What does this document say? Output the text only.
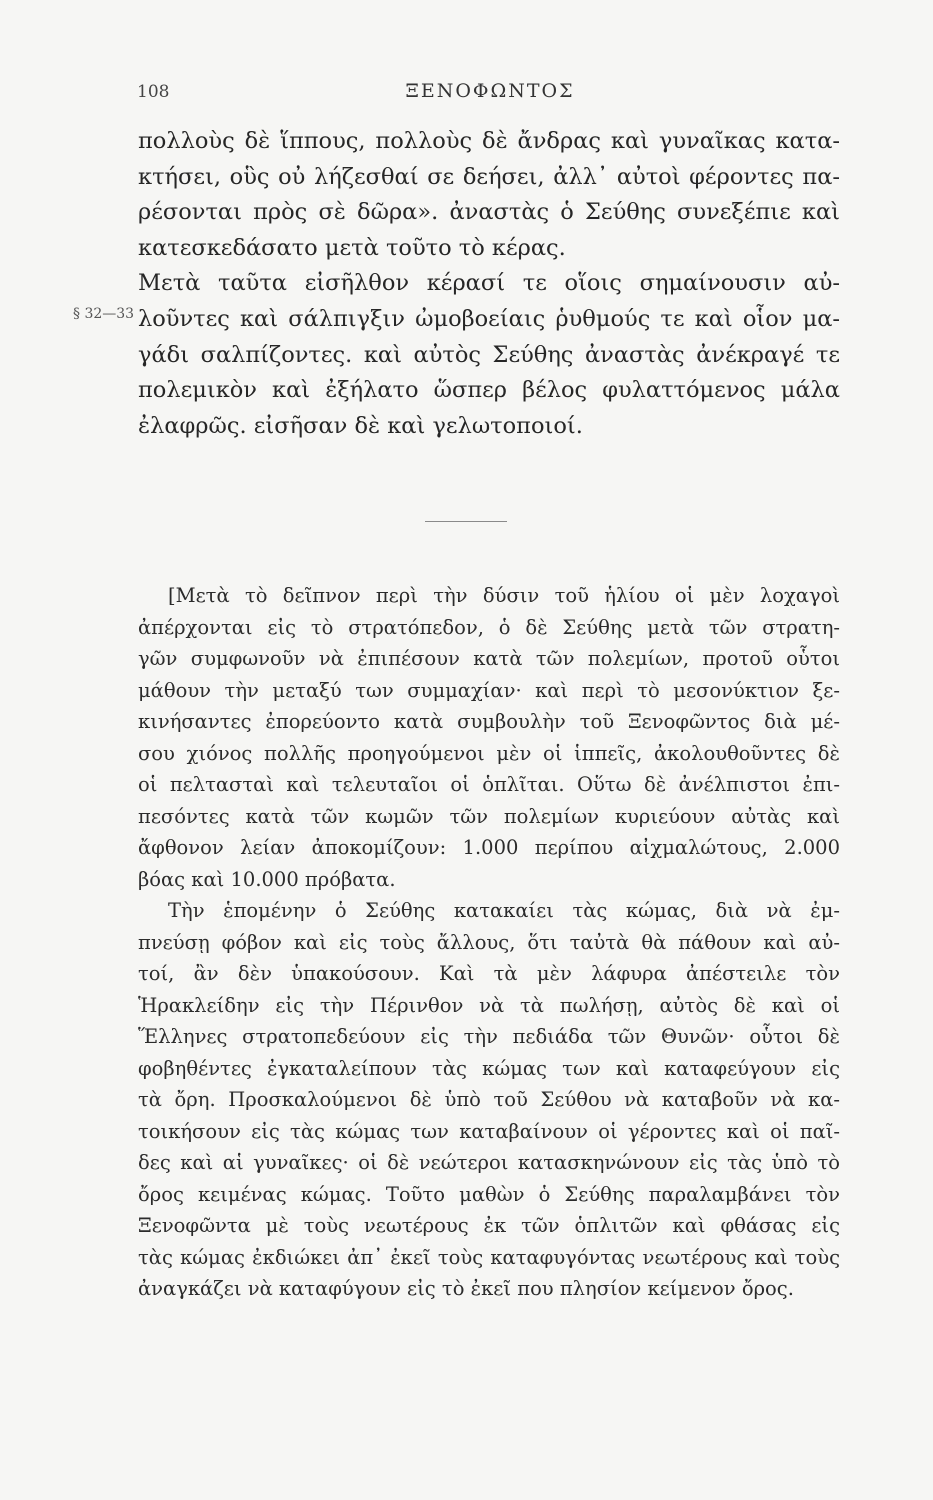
108	ΞΕΝΟΦΩΝΤΟΣ
§ 32—33
πολλοὺς δὲ ἵππους, πολλοὺς δὲ ἄνδρας καὶ γυναῖκας κατα-
κτήσει, οὓς οὐ λήζεσθαί σε δεήσει, ἀλλ᾽ αὐτοὶ φέροντες πα-
ρέσονται πρὸς σὲ δῶρα». ἀναστὰς ὁ Σεύθης συνεξέπιε καὶ
κατεσκεδάσατο μετὰ τοῦτο τὸ κέρας.
Μετὰ ταῦτα εἰσῆλθον κέρασί τε οἵοις σημαίνουσιν αὐ-
λοῦντες καὶ σάλπιγξιν ὠμοβοείαις ῥυθμούς τε καὶ οἷον μα-
γάδι σαλπίζοντες. καὶ αὐτὸς Σεύθης ἀναστὰς ἀνέκραγέ τε
πολεμικὸν καὶ ἐξήλατο ὥσπερ βέλος φυλαττόμενος μάλα
ἐλαφρῶς. εἰσῆσαν δὲ καὶ γελωτοποιοί.
[Μετὰ τὸ δεῖπνον περὶ τὴν δύσιν τοῦ ἡλίου οἱ μὲν λοχαγοὶ
ἀπέρχονται εἰς τὸ στρατόπεδον, ὁ δὲ Σεύθης μετὰ τῶν στρατη-
γῶν συμφωνοῦν νὰ ἐπιπέσουν κατὰ τῶν πολεμίων, προτοῦ οὗτοι
μάθουν τὴν μεταξύ των συμμαχίαν· καὶ περὶ τὸ μεσονύκτιον ξε-
κινήσαντες ἐπορεύοντο κατὰ συμβουλὴν τοῦ Ξενοφῶντος διὰ μέ-
σου χιόνος πολλῆς προηγούμενοι μὲν οἱ ἱππεῖς, ἀκολουθοῦντες δὲ
οἱ πελτασταὶ καὶ τελευταῖοι οἱ ὁπλῖται. Οὕτω δὲ ἀνέλπιστοι ἐπι-
πεσόντες κατὰ τῶν κωμῶν τῶν πολεμίων κυριεύουν αὐτὰς καὶ
ἄφθονον λείαν ἀποκομίζουν: 1.000 περίπου αἰχμαλώτους, 2.000
βόας καὶ 10.000 πρόβατα.
Τὴν ἑπομένην ὁ Σεύθης κατακαίει τὰς κώμας, διὰ νὰ ἐμ-
πνεύσῃ φόβον καὶ εἰς τοὺς ἄλλους, ὅτι ταὐτὰ θὰ πάθουν καὶ αὐ-
τοί, ἂν δὲν ὑπακούσουν. Καὶ τὰ μὲν λάφυρα ἀπέστειλε τὸν
Ἡρακλείδην εἰς τὴν Πέρινθον νὰ τὰ πωλήσῃ, αὐτὸς δὲ καὶ οἱ
Ἕλληνες στρατοπεδεύουν εἰς τὴν πεδιάδα τῶν Θυνῶν· οὗτοι δὲ
φοβηθέντες ἐγκαταλείπουν τὰς κώμας των καὶ καταφεύγουν εἰς
τὰ ὄρη. Προσκαλούμενοι δὲ ὑπὸ τοῦ Σεύθου νὰ καταβοῦν νὰ κα-
τοικήσουν εἰς τὰς κώμας των καταβαίνουν οἱ γέροντες καὶ οἱ παῖ-
δες καὶ αἱ γυναῖκες· οἱ δὲ νεώτεροι κατασκηνώνουν εἰς τὰς ὑπὸ τὸ
ὄρος κειμένας κώμας. Τοῦτο μαθὼν ὁ Σεύθης παραλαμβάνει τὸν
Ξενοφῶντα μὲ τοὺς νεωτέρους ἐκ τῶν ὁπλιτῶν καὶ φθάσας εἰς
τὰς κώμας ἐκδιώκει ἀπ᾽ ἐκεῖ τοὺς καταφυγόντας νεωτέρους καὶ τοὺς
ἀναγκάζει νὰ καταφύγουν εἰς τὸ ἐκεῖ που πλησίον κείμενον ὄρος.
